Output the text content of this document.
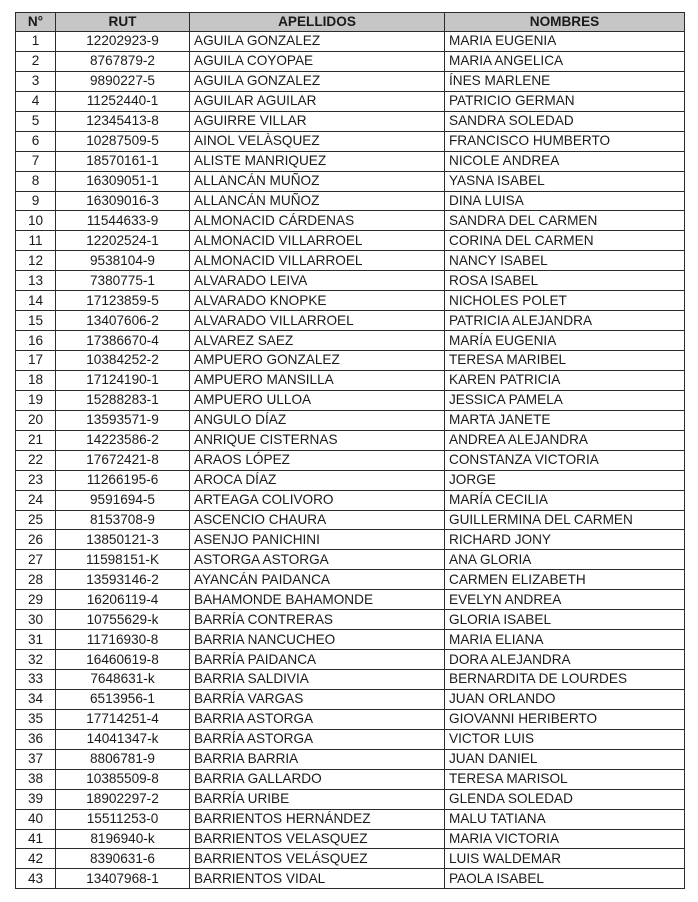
N°	RUT	APELLIDOS	NOMBRES
1	12202923-9	AGUILA GONZALEZ	MARIA EUGENIA
2	8767879-2	AGUILA COYOPAE	MARIA ANGELICA
3	9890227-5	AGUILA GONZALEZ	ÍNES MARLENE
4	11252440-1	AGUILAR AGUILAR	PATRICIO GERMAN
5	12345413-8	AGUIRRE VILLAR	SANDRA SOLEDAD
6	10287509-5	AINOL VELÀSQUEZ	FRANCISCO HUMBERTO
7	18570161-1	ALISTE MANRIQUEZ	NICOLE ANDREA
8	16309051-1	ALLANCÁN MUÑOZ	YASNA ISABEL
9	16309016-3	ALLANCÁN MUÑOZ	DINA LUISA
10	11544633-9	ALMONACID CÁRDENAS	SANDRA DEL CARMEN
11	12202524-1	ALMONACID VILLARROEL	CORINA DEL CARMEN
12	9538104-9	ALMONACID VILLARROEL	NANCY ISABEL
13	7380775-1	ALVARADO LEIVA	ROSA ISABEL
14	17123859-5	ALVARADO KNOPKE	NICHOLES POLET
15	13407606-2	ALVARADO VILLARROEL	PATRICIA ALEJANDRA
16	17386670-4	ALVAREZ SAEZ	MARÍA EUGENIA
17	10384252-2	AMPUERO GONZALEZ	TERESA MARIBEL
18	17124190-1	AMPUERO MANSILLA	KAREN PATRICIA
19	15288283-1	AMPUERO ULLOA	JESSICA PAMELA
20	13593571-9	ANGULO DÍAZ	MARTA JANETE
21	14223586-2	ANRIQUE CISTERNAS	ANDREA ALEJANDRA
22	17672421-8	ARAOS LÓPEZ	CONSTANZA VICTORIA
23	11266195-6	AROCA DÍAZ	JORGE
24	9591694-5	ARTEAGA COLIVORO	MARÍA CECILIA
25	8153708-9	ASCENCIO CHAURA	GUILLERMINA DEL CARMEN
26	13850121-3	ASENJO PANICHINI	RICHARD JONY
27	11598151-K	ASTORGA ASTORGA	ANA GLORIA
28	13593146-2	AYANCÁN PAIDANCA	CARMEN ELIZABETH
29	16206119-4	BAHAMONDE BAHAMONDE	EVELYN ANDREA
30	10755629-k	BARRÍA CONTRERAS	GLORIA ISABEL
31	11716930-8	BARRIA NANCUCHEO	MARIA ELIANA
32	16460619-8	BARRÍA PAIDANCA	DORA ALEJANDRA
33	7648631-k	BARRIA SALDIVIA	BERNARDITA DE LOURDES
34	6513956-1	BARRÍA VARGAS	JUAN ORLANDO
35	17714251-4	BARRIA ASTORGA	GIOVANNI HERIBERTO
36	14041347-k	BARRÍA ASTORGA	VICTOR LUIS
37	8806781-9	BARRIA BARRIA	JUAN DANIEL
38	10385509-8	BARRIA GALLARDO	TERESA MARISOL
39	18902297-2	BARRÍA URIBE	GLENDA SOLEDAD
40	15511253-0	BARRIENTOS HERNÁNDEZ	MALU TATIANA
41	8196940-k	BARRIENTOS VELASQUEZ	MARIA VICTORIA
42	8390631-6	BARRIENTOS VELÁSQUEZ	LUIS WALDEMAR
43	13407968-1	BARRIENTOS VIDAL	PAOLA ISABEL
